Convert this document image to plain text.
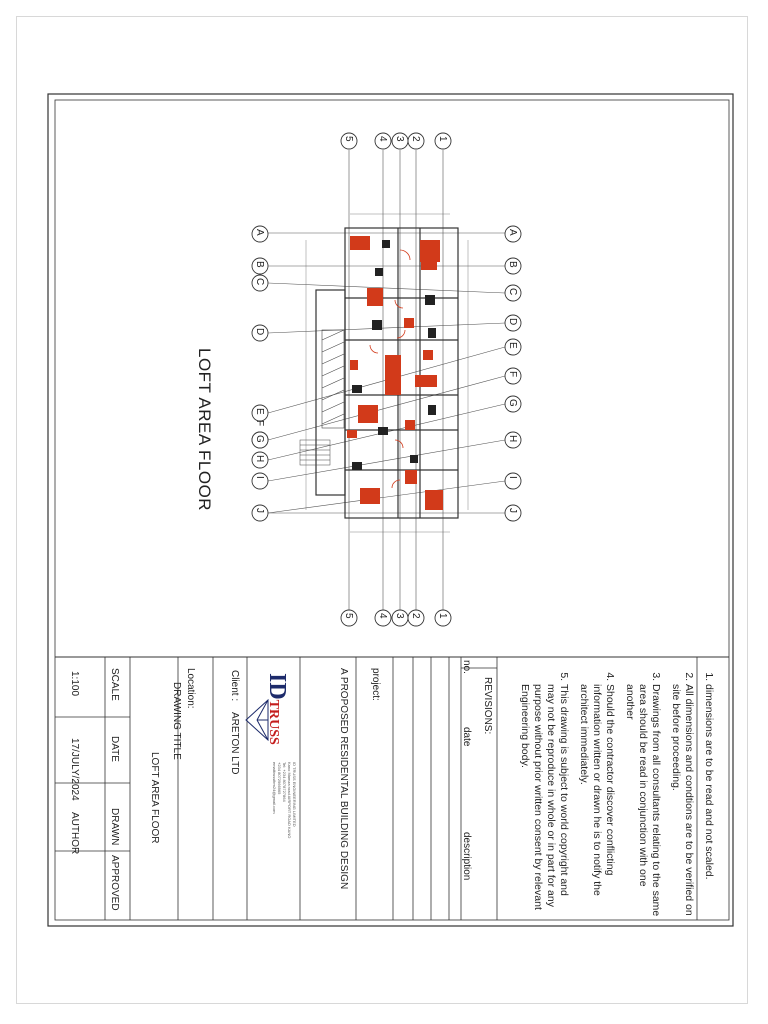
5 4 3 2 1
5 4 3 2 1
A
B
C
D
E
F
G
H
I
J
A
B
C
D
E
F
G
H
I
J
LOFT AREA FLOOR
1. dimensions are to be read and not scaled.
2. All dimensions and condtions are to be verified on site before proceeding.
3. Drawings from all consultants relating to the same area should be read in conjunction with one another
4. Should the contractor discover conflicting information written or drawn he is to notify the architect immediately.
5. This drawing is subject to world copyright and may not be reproduce in whole or in part for any purpose without prior written consent by relevant Engineering body.
REVISIONS:
no.
date
description
project:
A PROPOSED RESIDENTAL BUILDING DESIGN
IDTRUSS
ID TRUSS ENGINEERING LIMITED
Kano Mamza road AIRPORT ROAD KANO
Tel: +234 8078727864
+234 8072966965
emailtrussfirm24@gmail.com
Client :
ARETON LTD
Location:
DRAWING TITLE
LOFT AREA FLOOR
SCALE
DATE
DRAWN
APPROVED
1:100
17/JULY/2024
AUTHOR
